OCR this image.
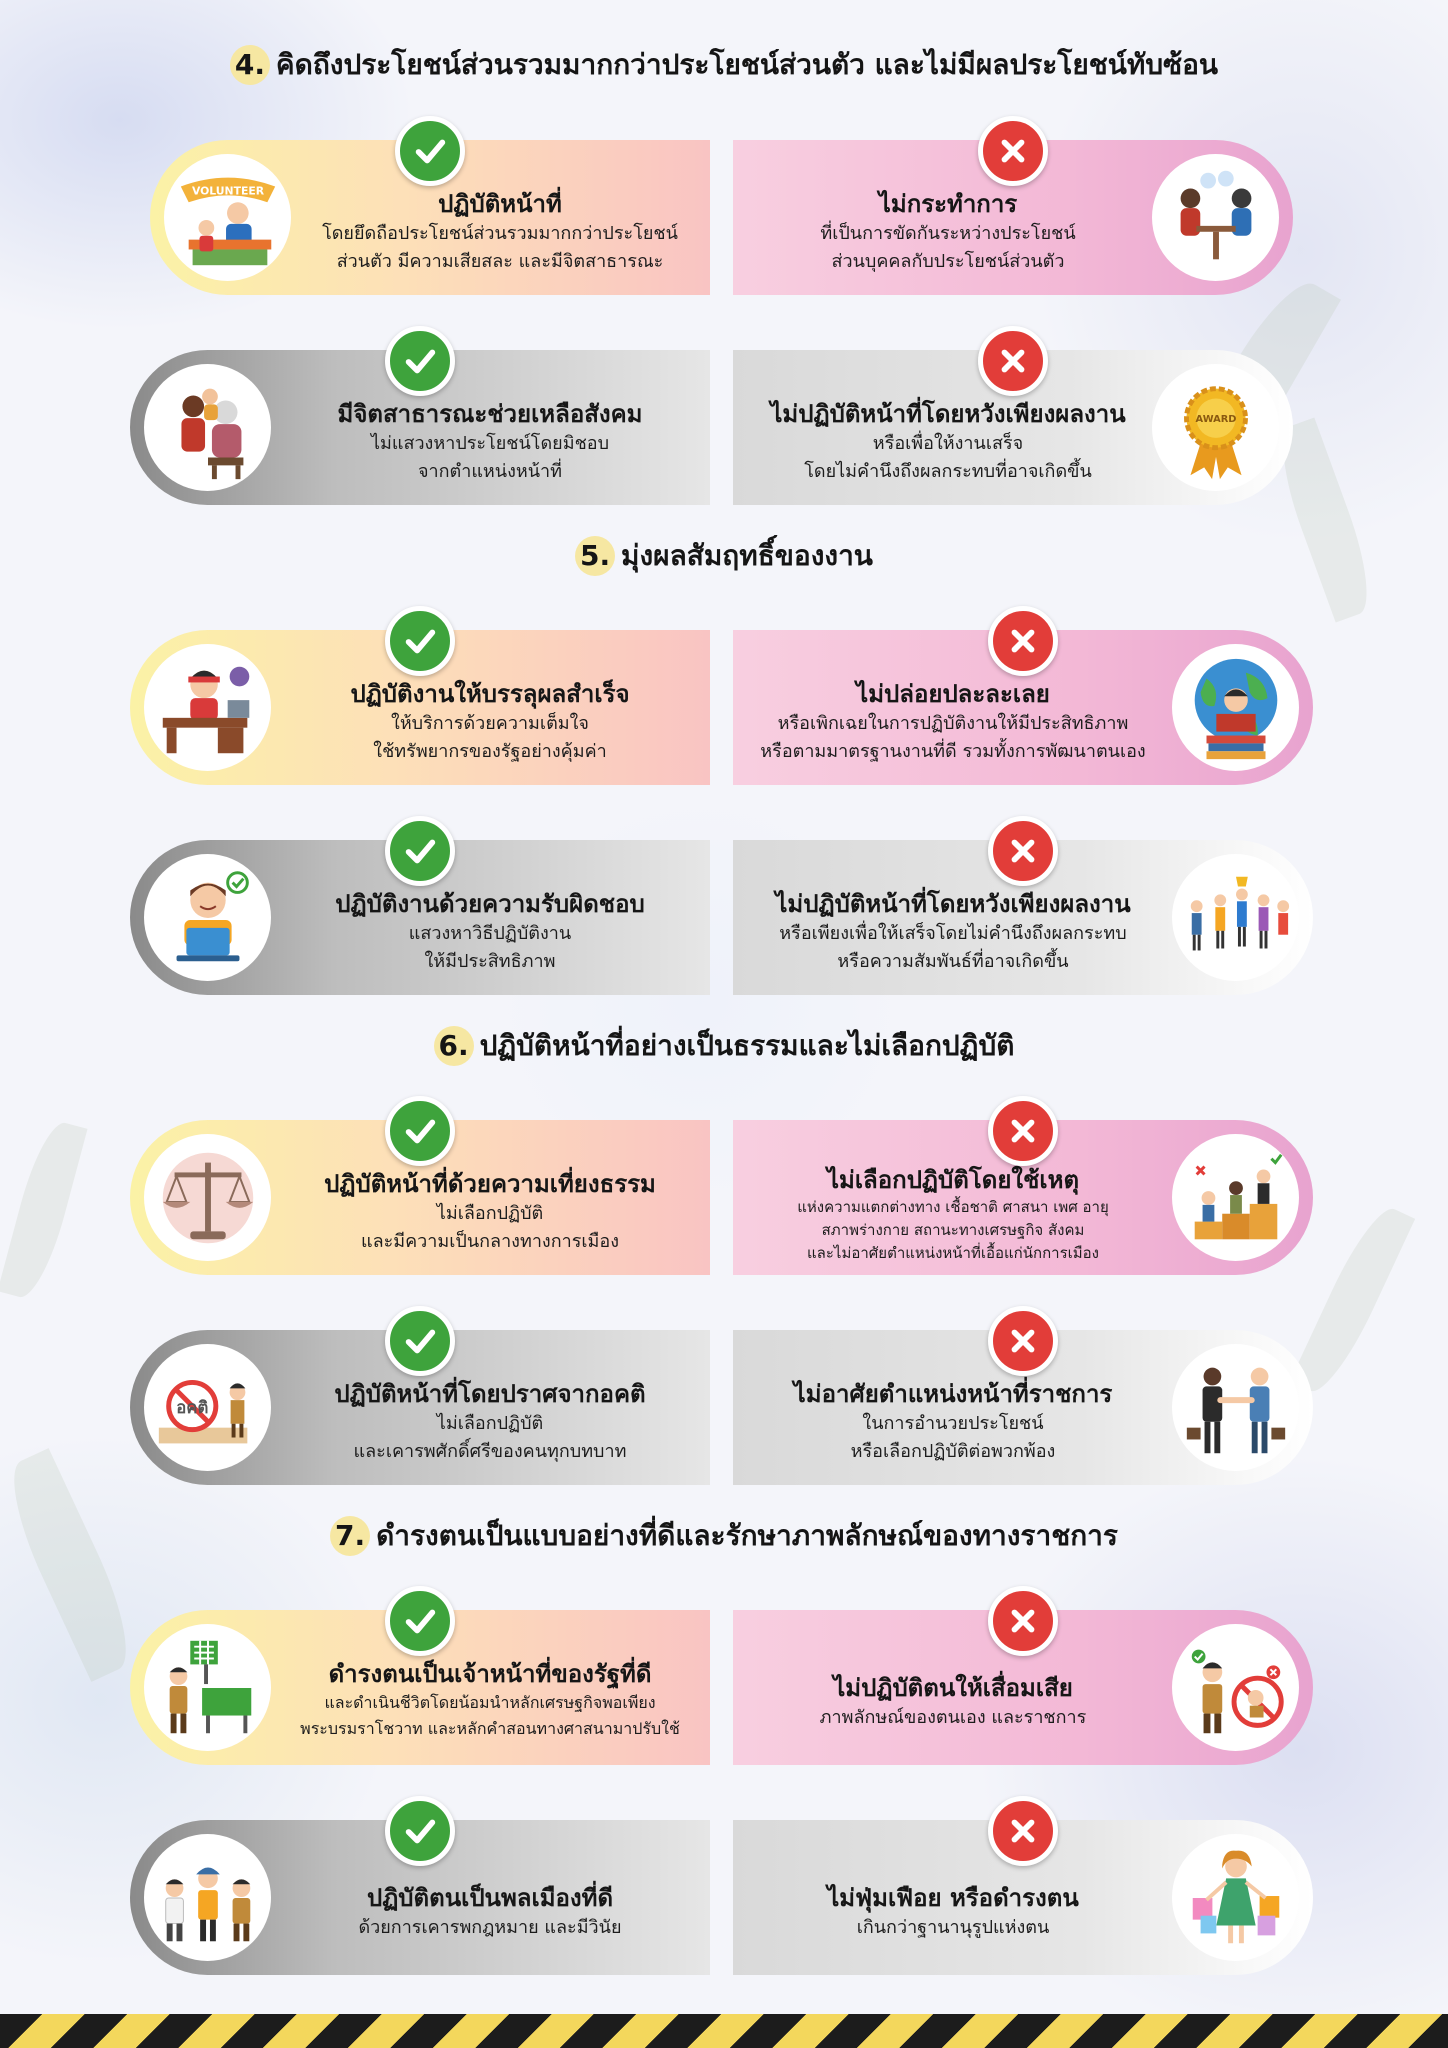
4. คิดถึงประโยชน์ส่วนรวมมากกว่าประโยชน์ส่วนตัว และไม่มีผลประโยชน์ทับซ้อน
5. มุ่งผลสัมฤทธิ์ของงาน
6. ปฏิบัติหน้าที่อย่างเป็นธรรมและไม่เลือกปฏิบัติ
7. ดำรงตนเป็นแบบอย่างที่ดีและรักษาภาพลักษณ์ของทางราชการ
VOLUNTEER	ปฏิบัติหน้าที่
โดยยึดถือประโยชน์ส่วนรวมมากกว่าประโยชน์
ส่วนตัว มีความเสียสละ และมีจิตสาธารณะ
ไม่กระทำการ
ที่เป็นการขัดกันระหว่างประโยชน์
ส่วนบุคคลกับประโยชน์ส่วนตัว
มีจิตสาธารณะช่วยเหลือสังคม
ไม่แสวงหาประโยชน์โดยมิชอบ
จากตำแหน่งหน้าที่
ไม่ปฏิบัติหน้าที่โดยหวังเพียงผลงาน
หรือเพื่อให้งานเสร็จ
โดยไม่คำนึงถึงผลกระทบที่อาจเกิดขึ้น
AWARD
ปฏิบัติงานให้บรรลุผลสำเร็จ
ให้บริการด้วยความเต็มใจ
ใช้ทรัพยากรของรัฐอย่างคุ้มค่า
ไม่ปล่อยปละละเลย
หรือเพิกเฉยในการปฏิบัติงานให้มีประสิทธิภาพ
หรือตามมาตรฐานงานที่ดี รวมทั้งการพัฒนาตนเอง
ปฏิบัติงานด้วยความรับผิดชอบ
แสวงหาวิธีปฏิบัติงาน
ให้มีประสิทธิภาพ
ไม่ปฏิบัติหน้าที่โดยหวังเพียงผลงาน
หรือเพียงเพื่อให้เสร็จโดยไม่คำนึงถึงผลกระทบ
หรือความสัมพันธ์ที่อาจเกิดขึ้น
ปฏิบัติหน้าที่ด้วยความเที่ยงธรรม
ไม่เลือกปฏิบัติ
และมีความเป็นกลางทางการเมือง
ไม่เลือกปฏิบัติโดยใช้เหตุ
แห่งความแตกต่างทาง เชื้อชาติ ศาสนา เพศ อายุ
สภาพร่างกาย สถานะทางเศรษฐกิจ สังคม
และไม่อาศัยตำแหน่งหน้าที่เอื้อแก่นักการเมือง
อคติ	ปฏิบัติหน้าที่โดยปราศจากอคติ
ไม่เลือกปฏิบัติ
และเคารพศักดิ์ศรีของคนทุกบทบาท
ไม่อาศัยตำแหน่งหน้าที่ราชการ
ในการอำนวยประโยชน์
หรือเลือกปฏิบัติต่อพวกพ้อง
ดำรงตนเป็นเจ้าหน้าที่ของรัฐที่ดี
และดำเนินชีวิตโดยน้อมนำหลักเศรษฐกิจพอเพียง
พระบรมราโชวาท และหลักคำสอนทางศาสนามาปรับใช้
ไม่ปฏิบัติตนให้เสื่อมเสีย
ภาพลักษณ์ของตนเอง และราชการ
ปฏิบัติตนเป็นพลเมืองที่ดี
ด้วยการเคารพกฎหมาย และมีวินัย
ไม่ฟุ่มเฟือย หรือดำรงตน
เกินกว่าฐานานุรูปแห่งตน
